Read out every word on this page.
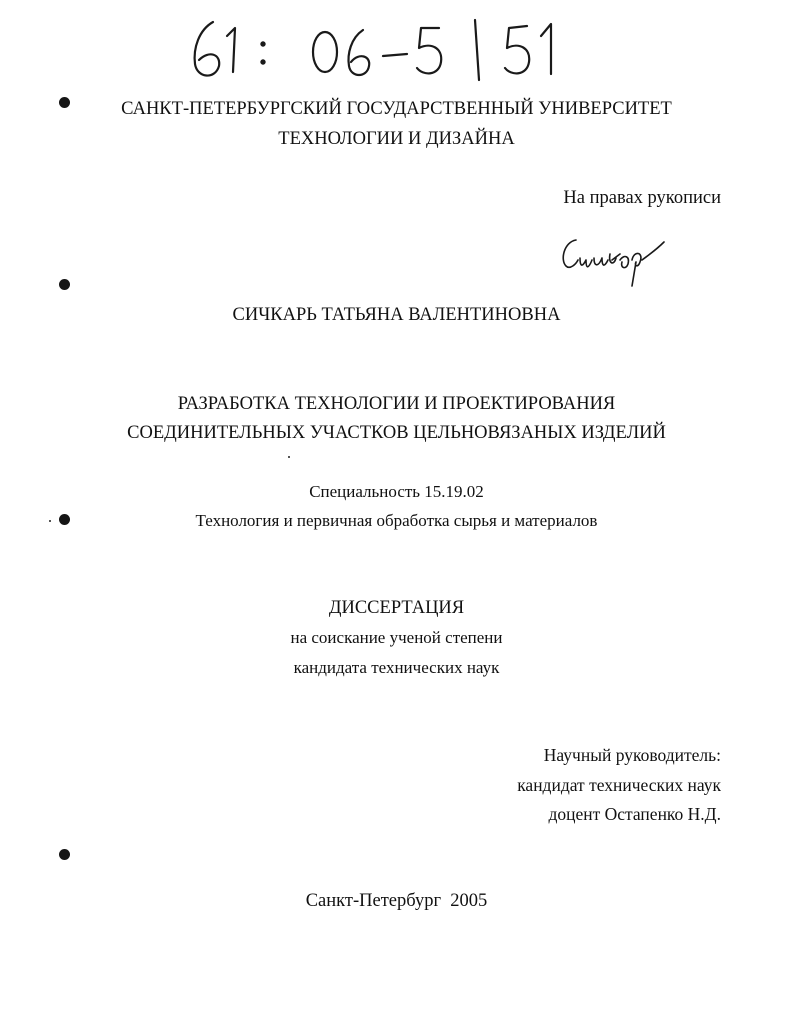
САНКТ-ПЕТЕРБУРГСКИЙ ГОСУДАРСТВЕННЫЙ УНИВЕРСИТЕТ
ТЕХНОЛОГИИ И ДИЗАЙНА
На правах рукописи
СИЧКАРЬ ТАТЬЯНА ВАЛЕНТИНОВНА
РАЗРАБОТКА ТЕХНОЛОГИИ И ПРОЕКТИРОВАНИЯ
СОЕДИНИТЕЛЬНЫХ УЧАСТКОВ ЦЕЛЬНОВЯЗАНЫХ ИЗДЕЛИЙ
Специальность 15.19.02
Технология и первичная обработка сырья и материалов
ДИССЕРТАЦИЯ
на соискание ученой степени
кандидата технических наук
Научный руководитель:
кандидат технических наук
доцент Остапенко Н.Д.
Санкт-Петербург  2005
